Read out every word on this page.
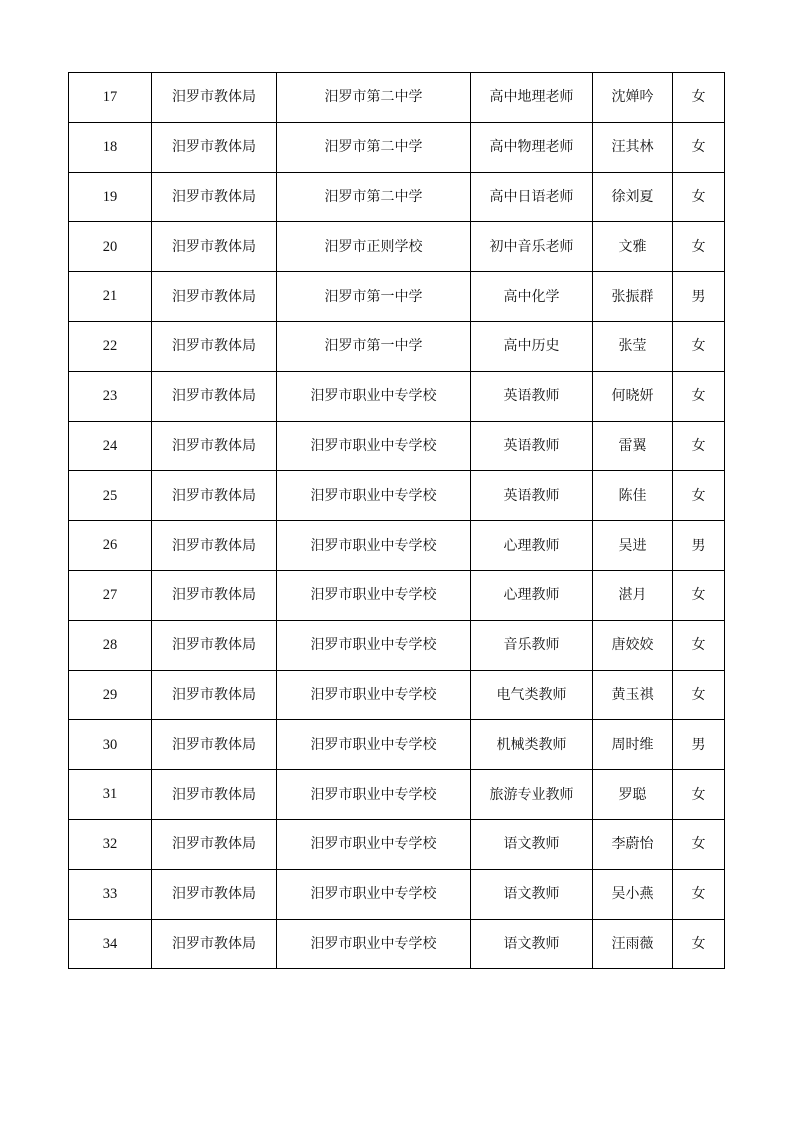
17	汨罗市教体局	汨罗市第二中学	高中地理老师	沈婵吟	女
18	汨罗市教体局	汨罗市第二中学	高中物理老师	汪其林	女
19	汨罗市教体局	汨罗市第二中学	高中日语老师	徐刘夏	女
20	汨罗市教体局	汨罗市正则学校	初中音乐老师	文雅	女
21	汨罗市教体局	汨罗市第一中学	高中化学	张振群	男
22	汨罗市教体局	汨罗市第一中学	高中历史	张莹	女
23	汨罗市教体局	汨罗市职业中专学校	英语教师	何晓妍	女
24	汨罗市教体局	汨罗市职业中专学校	英语教师	雷翼	女
25	汨罗市教体局	汨罗市职业中专学校	英语教师	陈佳	女
26	汨罗市教体局	汨罗市职业中专学校	心理教师	吴进	男
27	汨罗市教体局	汨罗市职业中专学校	心理教师	湛月	女
28	汨罗市教体局	汨罗市职业中专学校	音乐教师	唐姣姣	女
29	汨罗市教体局	汨罗市职业中专学校	电气类教师	黄玉祺	女
30	汨罗市教体局	汨罗市职业中专学校	机械类教师	周时维	男
31	汨罗市教体局	汨罗市职业中专学校	旅游专业教师	罗聪	女
32	汨罗市教体局	汨罗市职业中专学校	语文教师	李蔚怡	女
33	汨罗市教体局	汨罗市职业中专学校	语文教师	吴小燕	女
34	汨罗市教体局	汨罗市职业中专学校	语文教师	汪雨薇	女
